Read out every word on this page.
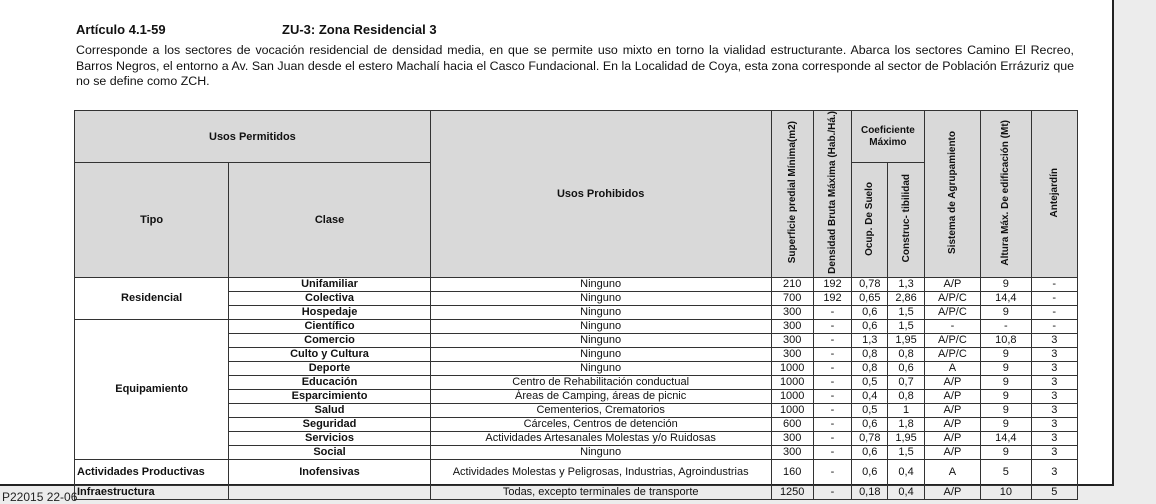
Artículo 4.1-59	ZU-3: Zona Residencial 3
Corresponde a los sectores de vocación residencial de densidad media, en que se permite uso mixto en torno la vialidad estructurante. Abarca los sectores Camino El Recreo, Barros Negros, el entorno a Av. San Juan desde el estero Machalí hacia el Casco Fundacional. En la Localidad de Coya, esta zona corresponde al sector de Población Errázuriz que no se define como ZCH.
Usos Permitidos		Usos Prohibidos	Superficie predial Mínima(m2)	Densidad Bruta Máxima (Hab./Há.)	Coeficiente Máximo		Sistema de Agrupamiento	Altura Máx. De edificación (Mt)	Antejardín
Tipo	Clase				Ocup. De Suelo	Construc- tibilidad			
Residencial	Unifamiliar	Ninguno	210	192	0,78	1,3	A/P	9	-
	Colectiva	Ninguno	700	192	0,65	2,86	A/P/C	14,4	-
	Hospedaje	Ninguno	300	-	0,6	1,5	A/P/C	9	-
Equipamiento	Científico	Ninguno	300	-	0,6	1,5	-	-	-
	Comercio	Ninguno	300	-	1,3	1,95	A/P/C	10,8	3
	Culto y Cultura	Ninguno	300	-	0,8	0,8	A/P/C	9	3
	Deporte	Ninguno	1000	-	0,8	0,6	A	9	3
	Educación	Centro de Rehabilitación conductual	1000	-	0,5	0,7	A/P	9	3
	Esparcimiento	Áreas de Camping, áreas de picnic	1000	-	0,4	0,8	A/P	9	3
	Salud	Cementerios, Crematorios	1000	-	0,5	1	A/P	9	3
	Seguridad	Cárceles, Centros de detención	600	-	0,6	1,8	A/P	9	3
	Servicios	Actividades Artesanales Molestas y/o Ruidosas	300	-	0,78	1,95	A/P	14,4	3
	Social	Ninguno	300	-	0,6	1,5	A/P	9	3
Actividades Productivas	Inofensivas	Actividades Molestas y Peligrosas, Industrias, Agroindustrias	160	-	0,6	0,4	A	5	3
Infraestructura		Todas, excepto terminales de transporte	1250	-	0,18	0,4	A/P	10	5
P22015 22-06
